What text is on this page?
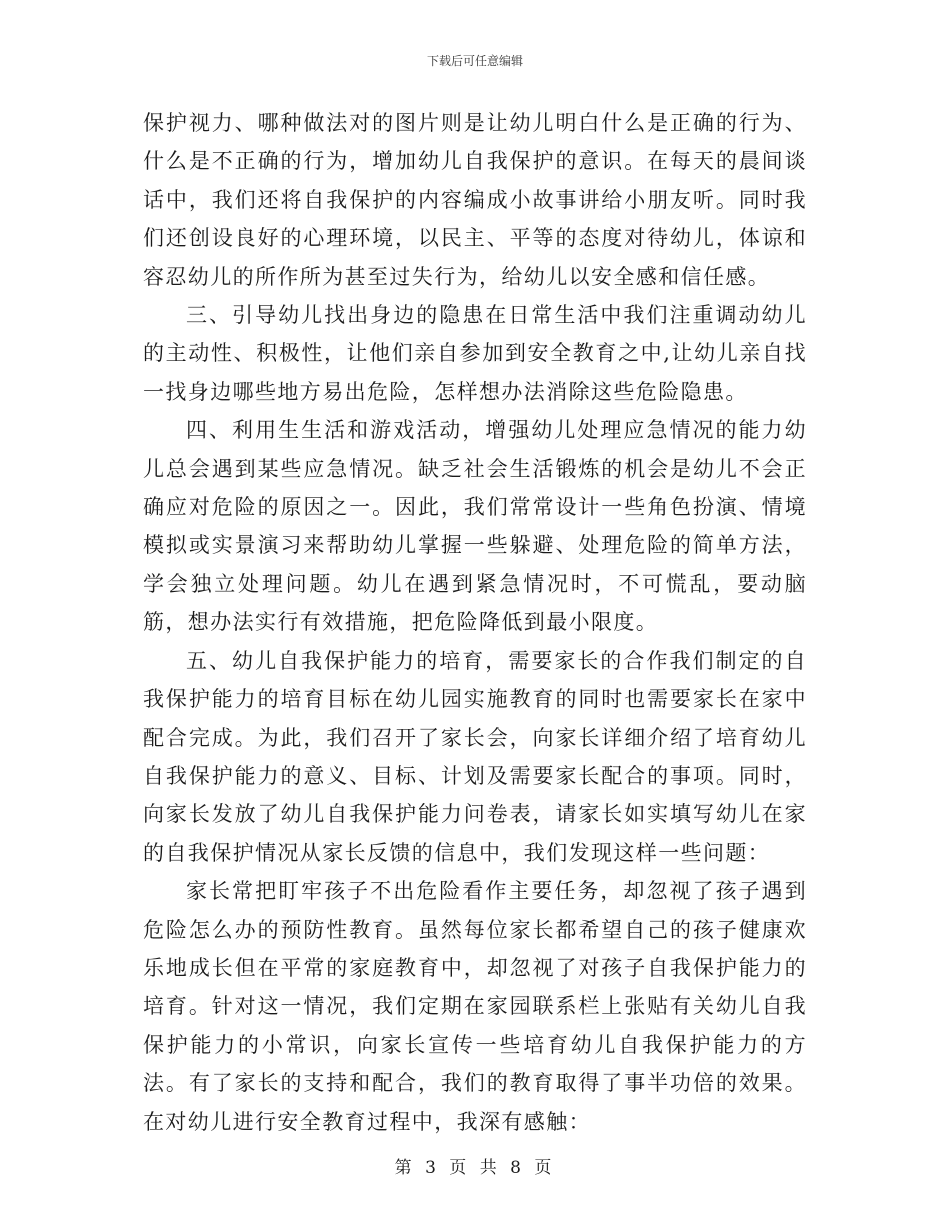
下载后可任意编辑

保护视力、哪种做法对的图片则是让幼儿明白什么是正确的行为、什么是不正确的行为，增加幼儿自我保护的意识。在每天的晨间谈话中，我们还将自我保护的内容编成小故事讲给小朋友听。同时我们还创设良好的心理环境，以民主、平等的态度对待幼儿，体谅和容忍幼儿的所作所为甚至过失行为，给幼儿以安全感和信任感。

三、引导幼儿找出身边的隐患在日常生活中我们注重调动幼儿的主动性、积极性，让他们亲自参加到安全教育之中,让幼儿亲自找一找身边哪些地方易出危险，怎样想办法消除这些危险隐患。

四、利用生生活和游戏活动，增强幼儿处理应急情况的能力幼儿总会遇到某些应急情况。缺乏社会生活锻炼的机会是幼儿不会正确应对危险的原因之一。因此，我们常常设计一些角色扮演、情境模拟或实景演习来帮助幼儿掌握一些躲避、处理危险的简单方法，学会独立处理问题。幼儿在遇到紧急情况时，不可慌乱，要动脑筋，想办法实行有效措施，把危险降低到最小限度。

五、幼儿自我保护能力的培育，需要家长的合作我们制定的自我保护能力的培育目标在幼儿园实施教育的同时也需要家长在家中配合完成。为此，我们召开了家长会，向家长详细介绍了培育幼儿自我保护能力的意义、目标、计划及需要家长配合的事项。同时，向家长发放了幼儿自我保护能力问卷表，请家长如实填写幼儿在家的自我保护情况从家长反馈的信息中，我们发现这样一些问题：

家长常把盯牢孩子不出危险看作主要任务，却忽视了孩子遇到危险怎么办的预防性教育。虽然每位家长都希望自己的孩子健康欢乐地成长但在平常的家庭教育中，却忽视了对孩子自我保护能力的培育。针对这一情况，我们定期在家园联系栏上张贴有关幼儿自我保护能力的小常识，向家长宣传一些培育幼儿自我保护能力的方法。有了家长的支持和配合，我们的教育取得了事半功倍的效果。在对幼儿进行安全教育过程中，我深有感触：

第 3 页 共 8 页
